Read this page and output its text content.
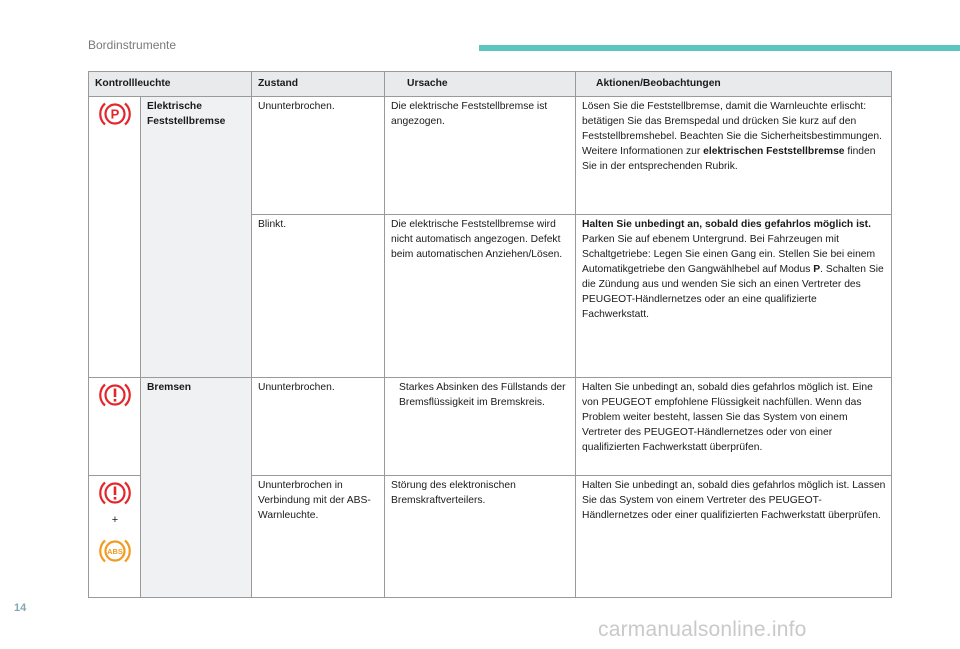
Bordinstrumente
Kontrollleuchte		Zustand	Ursache	Aktionen/Beobachtungen

P	Elektrische Feststellbremse	Ununterbrochen.	Die elektrische Feststellbremse ist angezogen.	Lösen Sie die Feststellbremse, damit die Warnleuchte erlischt: betätigen Sie das Bremspedal und drücken Sie kurz auf den Feststellbremshebel. Beachten Sie die Sicherheitsbestimmungen. Weitere Informationen zur elektrischen Feststellbremse finden Sie in der entsprechenden Rubrik.
		Blinkt.	Die elektrische Feststellbremse wird nicht automatisch angezogen. Defekt beim automatischen Anziehen/Lösen.	Halten Sie unbedingt an, sobald dies gefahrlos möglich ist. Parken Sie auf ebenem Untergrund. Bei Fahrzeugen mit Schaltgetriebe: Legen Sie einen Gang ein. Stellen Sie bei einem Automatikgetriebe den Gangwählhebel auf Modus P. Schalten Sie die Zündung aus und wenden Sie sich an einen Vertreter des PEUGEOT-Händlernetzes oder an eine qualifizierte Fachwerkstatt.

	Bremsen	Ununterbrochen.	Starkes Absinken des Füllstands der Bremsflüssigkeit im Bremskreis.	Halten Sie unbedingt an, sobald dies gefahrlos möglich ist. Eine von PEUGEOT empfohlene Flüssigkeit nachfüllen. Wenn das Problem weiter besteht, lassen Sie das System von einem Vertreter des PEUGEOT-Händlernetzes oder von einer qualifizierten Fachwerkstatt überprüfen.

+
ABS		Ununterbrochen in Verbindung mit der ABS-Warnleuchte.	Störung des elektronischen Bremskraftverteilers.	Halten Sie unbedingt an, sobald dies gefahrlos möglich ist. Lassen Sie das System von einem Vertreter des PEUGEOT-Händlernetzes oder einer qualifizierten Fachwerkstatt überprüfen.
14
carmanualsonline.info
